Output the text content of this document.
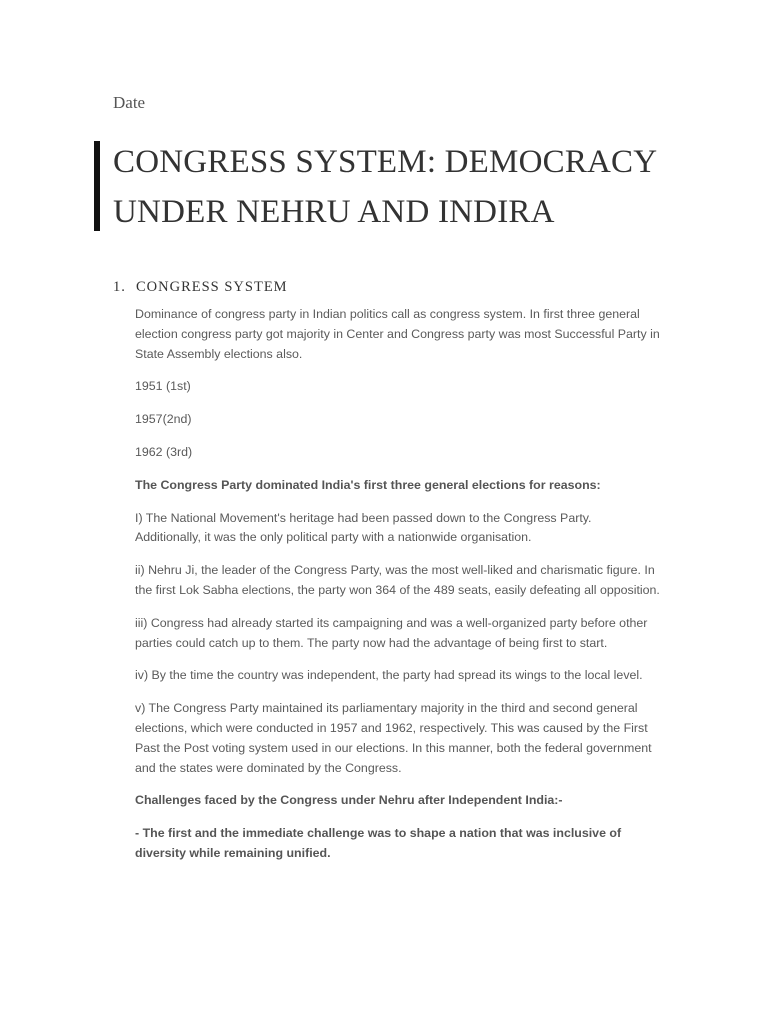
Date
CONGRESS SYSTEM: DEMOCRACY
UNDER NEHRU AND INDIRA
1. CONGRESS SYSTEM

Dominance of congress party in Indian politics call as congress system. In first three general election congress party got majority in Center and Congress party was most Successful Party in State Assembly elections also.

1951 (1st)

1957(2nd)

1962 (3rd)

The Congress Party dominated India's first three general elections for reasons:

I) The National Movement's heritage had been passed down to the Congress Party. Additionally, it was the only political party with a nationwide organisation.

ii) Nehru Ji, the leader of the Congress Party, was the most well-liked and charismatic figure. In the first Lok Sabha elections, the party won 364 of the 489 seats, easily defeating all opposition.

iii) Congress had already started its campaigning and was a well-organized party before other parties could catch up to them. The party now had the advantage of being first to start.

iv) By the time the country was independent, the party had spread its wings to the local level.

v) The Congress Party maintained its parliamentary majority in the third and second general elections, which were conducted in 1957 and 1962, respectively. This was caused by the First Past the Post voting system used in our elections. In this manner, both the federal government and the states were dominated by the Congress.

Challenges faced by the Congress under Nehru after Independent India:-

- The first and the immediate challenge was to shape a nation that was inclusive of diversity while remaining unified.
